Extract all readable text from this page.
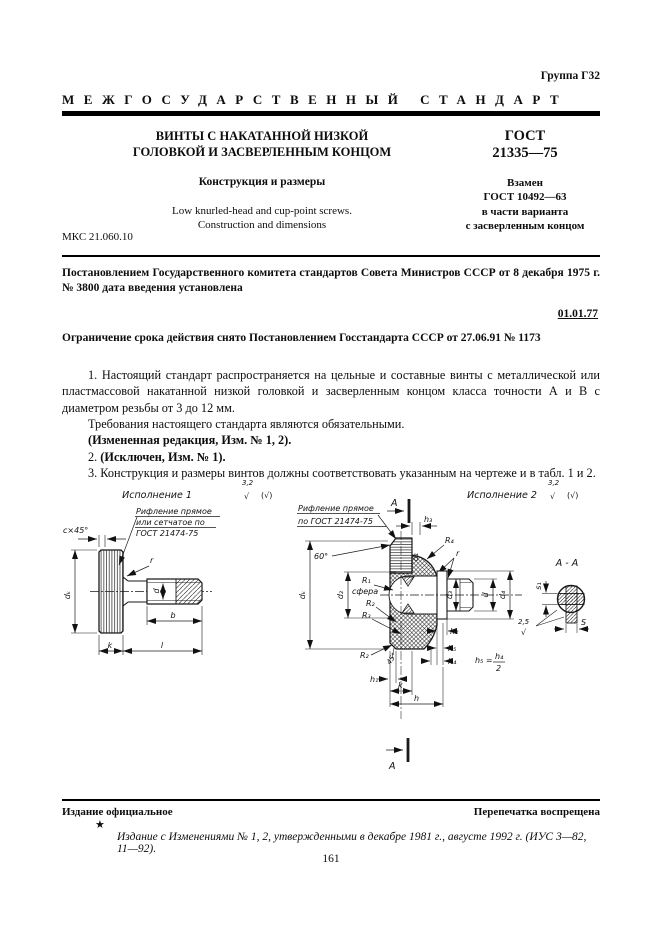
Группа Г32
МЕЖГОСУДАРСТВЕННЫЙ СТАНДАРТ
ВИНТЫ С НАКАТАННОЙ НИЗКОЙ
ГОЛОВКОЙ И ЗАСВЕРЛЕННЫМ КОНЦОМ
Конструкция и размеры
Low knurled-head and cup-point screws.
Construction and dimensions
ГОСТ
21335—75
Взамен
ГОСТ 10492—63
в части варианта
с засверленным концом
МКС 21.060.10
Постановлением Государственного комитета стандартов Совета Министров СССР от 8 декабря 1975 г. № 3800 дата введения установлена
01.01.77
Ограничение срока действия снято Постановлением Госстандарта СССР от 27.06.91 № 1173

1. Настоящий стандарт распространяется на цельные и составные винты с металлической или пластмассовой накатанной низкой головкой и засверленным концом класса точности А и В с диаметром резьбы от 3 до 12 мм.

Требования настоящего стандарта являются обязательными.

(Измененная редакция, Изм. № 1, 2).

2. (Исключен, Изм. № 1).

3. Конструкция и размеры винтов должны соответствовать указанным на чертеже и в табл. 1 и 2.

Исполнение 1
3,2
√ (√)
Рифление прямое
или сетчатое по
ГОСТ 21474-75
c×45°
dₖ
r
d
b
k	l
Исполнение 2
3,2
√ (√)
Рифление прямое
по ГОСТ 21474-75
A
h₃
60°
R₄
r
dₖ	d₂
R₁
сфера
R₂
R₃
R₂ 45°
d₃	d d₄
h₂
h₅
h₄ h₅ = h₄
2
h₁
k
h
A
A - A
s₁
S
2,5
√
Издание официальное	Перепечатка воспрещена
★
Издание с Изменениями № 1, 2, утвержденными в декабре 1981 г., августе 1992 г. (ИУС 3—82, 11—92).
161
